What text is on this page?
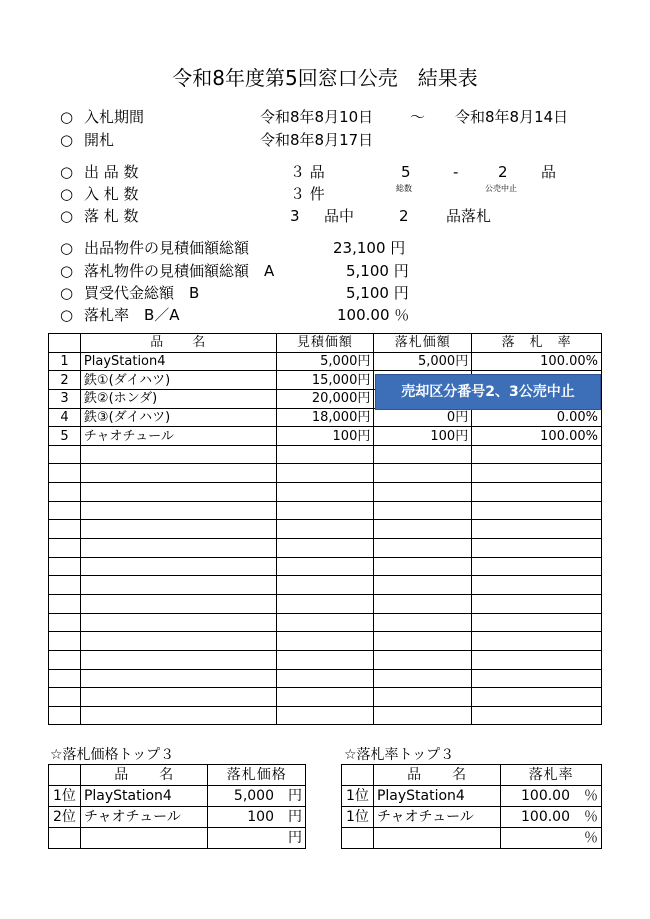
令和8年度第5回窓口公売　結果表
○ 入札期間	令和8年8月10日 ～ 令和8年8月14日
○ 開札	令和8年8月17日
○ 出 品 数	３ 品	5	-	2 品
総数	公売中止
○ 入 札 数	３ 件
○ 落 札 数	3 品中	2 品落札
○ 出品物件の見積価額総額	23,100 円
○ 落札物件の見積価額総額　A	5,100 円
○ 買受代金総額　B	5,100 円
○ 落札率　B／A	100.00 ％
	品　　名	見積価額	落札価額	落　札　率
1	PlayStation4	5,000円	5,000円	100.00%
2	鉄①(ダイハツ)	15,000円		
3	鉄②(ホンダ)	20,000円		
4	鉄③(ダイハツ)	18,000円	0円	0.00%
5	チャオチュール	100円	100円	100.00%

売却区分番号2、3公売中止
☆落札価格トップ３
	品　　名	落札価格
1位	PlayStation4	5,000　円
2位	チャオチュール	100　円
		円
☆落札率トップ３
	品　　名	落札率
1位	PlayStation4	100.00　％
1位	チャオチュール	100.00　％
		％
